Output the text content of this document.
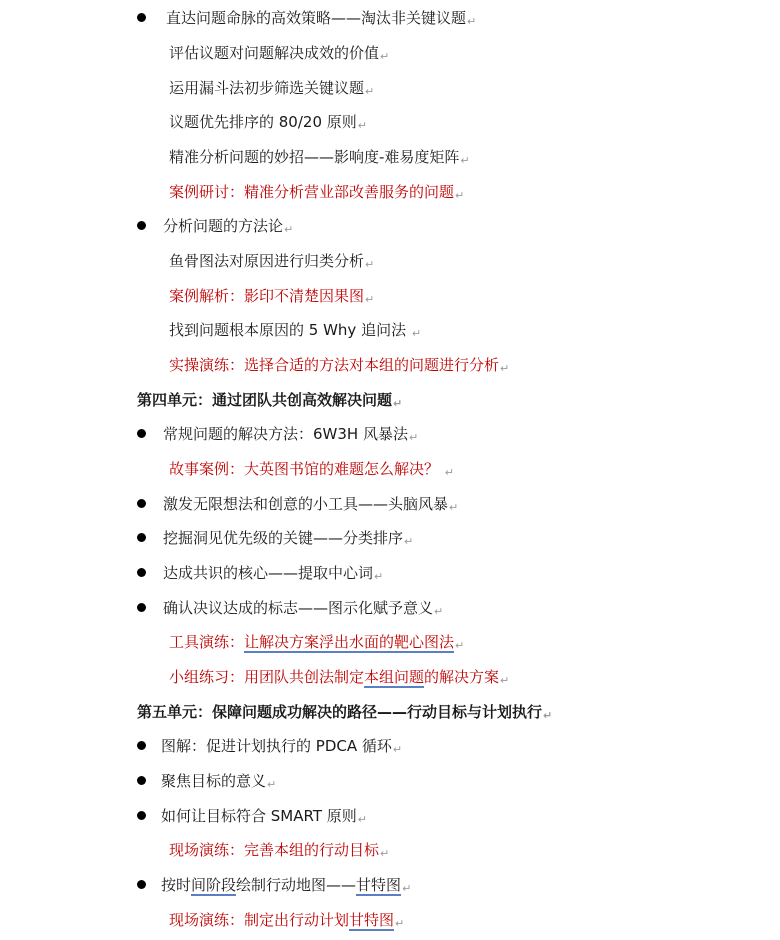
直达问题命脉的高效策略——淘汰非关键议题↵
评估议题对问题解决成效的价值↵
运用漏斗法初步筛选关键议题↵
议题优先排序的 80/20 原则↵
精准分析问题的妙招——影响度-难易度矩阵↵
案例研讨：精准分析营业部改善服务的问题↵
分析问题的方法论↵
鱼骨图法对原因进行归类分析↵
案例解析：影印不清楚因果图↵
找到问题根本原因的 5 Why 追问法 ↵
实操演练：选择合适的方法对本组的问题进行分析↵
第四单元：通过团队共创高效解决问题↵
常规问题的解决方法：6W3H 风暴法↵
故事案例：大英图书馆的难题怎么解决？ ↵
激发无限想法和创意的小工具——头脑风暴↵
挖掘洞见优先级的关键——分类排序↵
达成共识的核心——提取中心词↵
确认决议达成的标志——图示化赋予意义↵
工具演练：让解决方案浮出水面的靶心图法↵
小组练习：用团队共创法制定本组问题的解决方案↵
第五单元：保障问题成功解决的路径——行动目标与计划执行↵
图解：促进计划执行的 PDCA 循环↵
聚焦目标的意义↵
如何让目标符合 SMART 原则↵
现场演练：完善本组的行动目标↵
按时间阶段绘制行动地图——甘特图↵
现场演练：制定出行动计划甘特图↵
